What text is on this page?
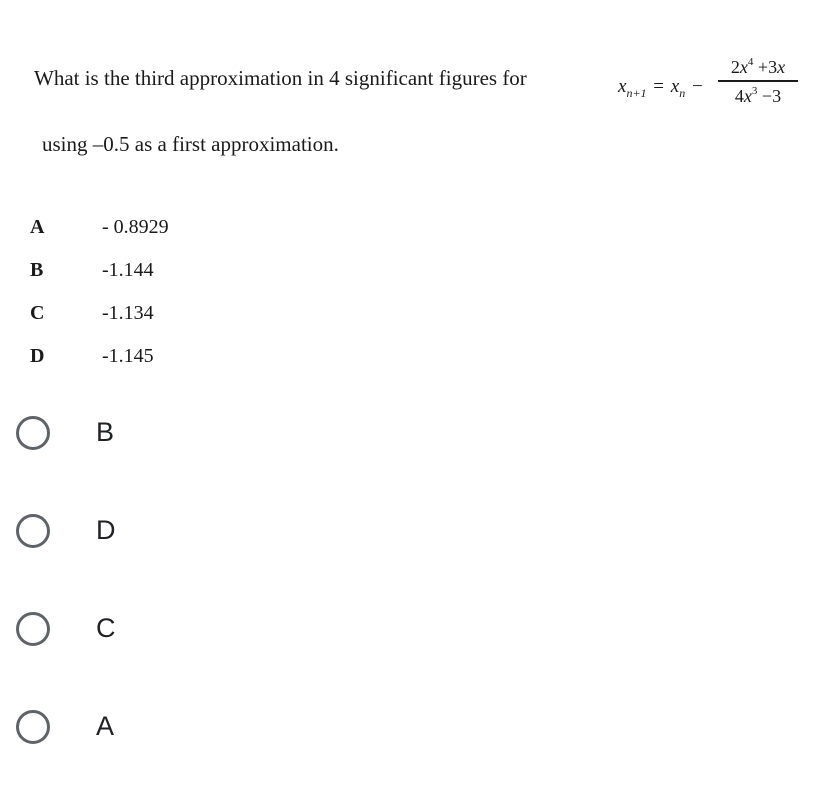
What is the third approximation in 4 significant figures for	$x_{n+1} = x_n$ −
$2x^4 +3x$
$4x^3 -3$
using –0.5 as a first approximation.
A	- 0.8929
B	-1.144
C	-1.134
D	-1.145
B
D
C
A
